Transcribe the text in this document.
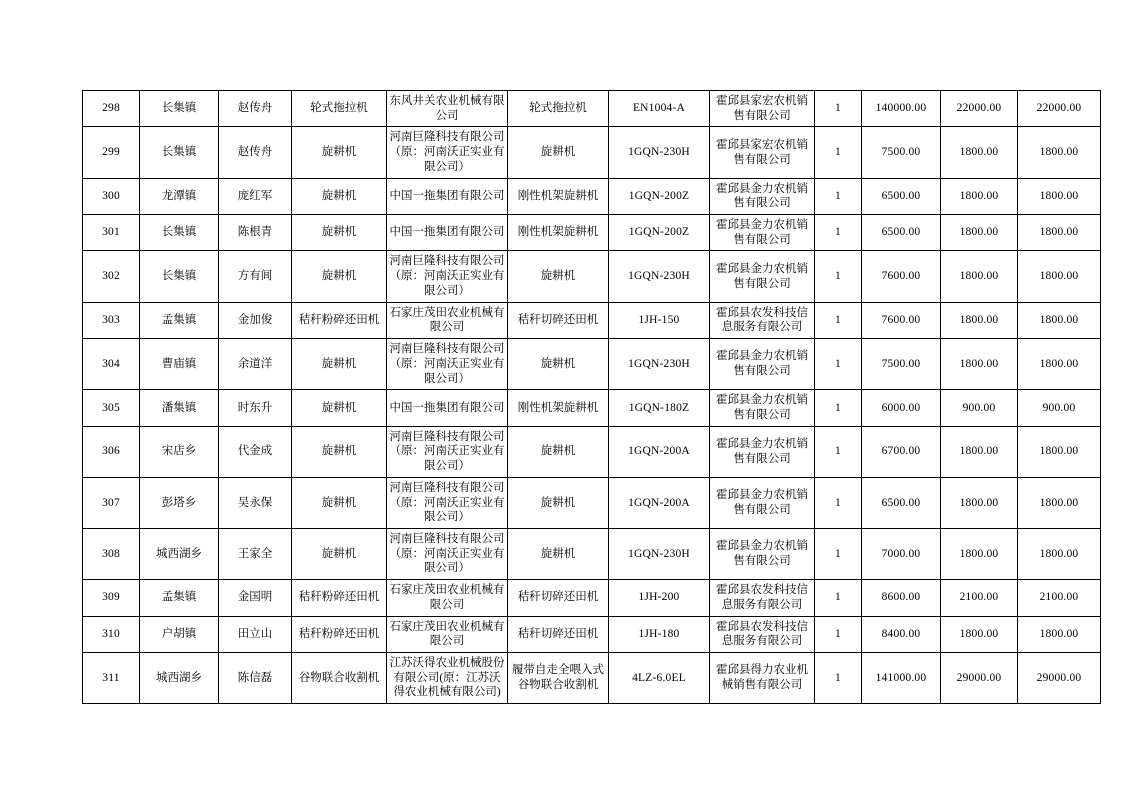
298	长集镇	赵传舟	轮式拖拉机	东风井关农业机械有限公司	轮式拖拉机	EN1004-A	霍邱县家宏农机销售有限公司	1	140000.00	22000.00	22000.00
299	长集镇	赵传舟	旋耕机	河南巨隆科技有限公司（原：河南沃正实业有限公司）	旋耕机	1GQN-230H	霍邱县家宏农机销售有限公司	1	7500.00	1800.00	1800.00
300	龙潭镇	庞红军	旋耕机	中国一拖集团有限公司	刚性机架旋耕机	1GQN-200Z	霍邱县金力农机销售有限公司	1	6500.00	1800.00	1800.00
301	长集镇	陈根青	旋耕机	中国一拖集团有限公司	刚性机架旋耕机	1GQN-200Z	霍邱县金力农机销售有限公司	1	6500.00	1800.00	1800.00
302	长集镇	方有闾	旋耕机	河南巨隆科技有限公司（原：河南沃正实业有限公司）	旋耕机	1GQN-230H	霍邱县金力农机销售有限公司	1	7600.00	1800.00	1800.00
303	孟集镇	金加俊	秸秆粉碎还田机	石家庄茂田农业机械有限公司	秸秆切碎还田机	1JH-150	霍邱县农发科技信息服务有限公司	1	7600.00	1800.00	1800.00
304	曹庙镇	余道洋	旋耕机	河南巨隆科技有限公司（原：河南沃正实业有限公司）	旋耕机	1GQN-230H	霍邱县金力农机销售有限公司	1	7500.00	1800.00	1800.00
305	潘集镇	时东升	旋耕机	中国一拖集团有限公司	刚性机架旋耕机	1GQN-180Z	霍邱县金力农机销售有限公司	1	6000.00	900.00	900.00
306	宋店乡	代金成	旋耕机	河南巨隆科技有限公司（原：河南沃正实业有限公司）	旋耕机	1GQN-200A	霍邱县金力农机销售有限公司	1	6700.00	1800.00	1800.00
307	彭塔乡	吴永保	旋耕机	河南巨隆科技有限公司（原：河南沃正实业有限公司）	旋耕机	1GQN-200A	霍邱县金力农机销售有限公司	1	6500.00	1800.00	1800.00
308	城西湖乡	王家全	旋耕机	河南巨隆科技有限公司（原：河南沃正实业有限公司）	旋耕机	1GQN-230H	霍邱县金力农机销售有限公司	1	7000.00	1800.00	1800.00
309	孟集镇	金国明	秸秆粉碎还田机	石家庄茂田农业机械有限公司	秸秆切碎还田机	1JH-200	霍邱县农发科技信息服务有限公司	1	8600.00	2100.00	2100.00
310	户胡镇	田立山	秸秆粉碎还田机	石家庄茂田农业机械有限公司	秸秆切碎还田机	1JH-180	霍邱县农发科技信息服务有限公司	1	8400.00	1800.00	1800.00
311	城西湖乡	陈信磊	谷物联合收割机	江苏沃得农业机械股份有限公司(原：江苏沃得农业机械有限公司)	履带自走全喂入式谷物联合收割机	4LZ-6.0EL	霍邱县得力农业机械销售有限公司	1	141000.00	29000.00	29000.00
